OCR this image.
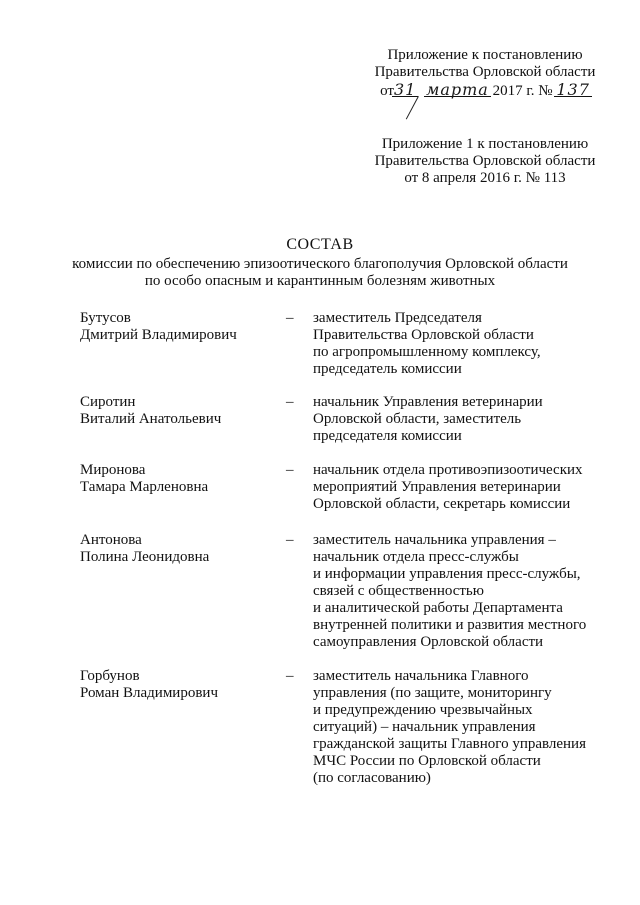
Приложение к постановлению
Правительства Орловской области
от31 марта 2017 г. № 137
Приложение 1 к постановлению
Правительства Орловской области
от 8 апреля 2016 г. № 113
СОСТАВ
комиссии по обеспечению эпизоотического благополучия Орловской области
по особо опасным и карантинным болезням животных
Бутусов
Дмитрий Владимирович
– заместитель Председателя
Правительства Орловской области
по агропромышленному комплексу,
председатель комиссии
Сиротин
Виталий Анатольевич
– начальник Управления ветеринарии
Орловской области, заместитель
председателя комиссии
Миронова
Тамара Марленовна
– начальник отдела противоэпизоотических
мероприятий Управления ветеринарии
Орловской области, секретарь комиссии
Антонова
Полина Леонидовна
– заместитель начальника управления –
начальник отдела пресс-службы
и информации управления пресс-службы,
связей с общественностью
и аналитической работы Департамента
внутренней политики и развития местного
самоуправления Орловской области
Горбунов
Роман Владимирович
– заместитель начальника Главного
управления (по защите, мониторингу
и предупреждению чрезвычайных
ситуаций) – начальник управления
гражданской защиты Главного управления
МЧС России по Орловской области
(по согласованию)
